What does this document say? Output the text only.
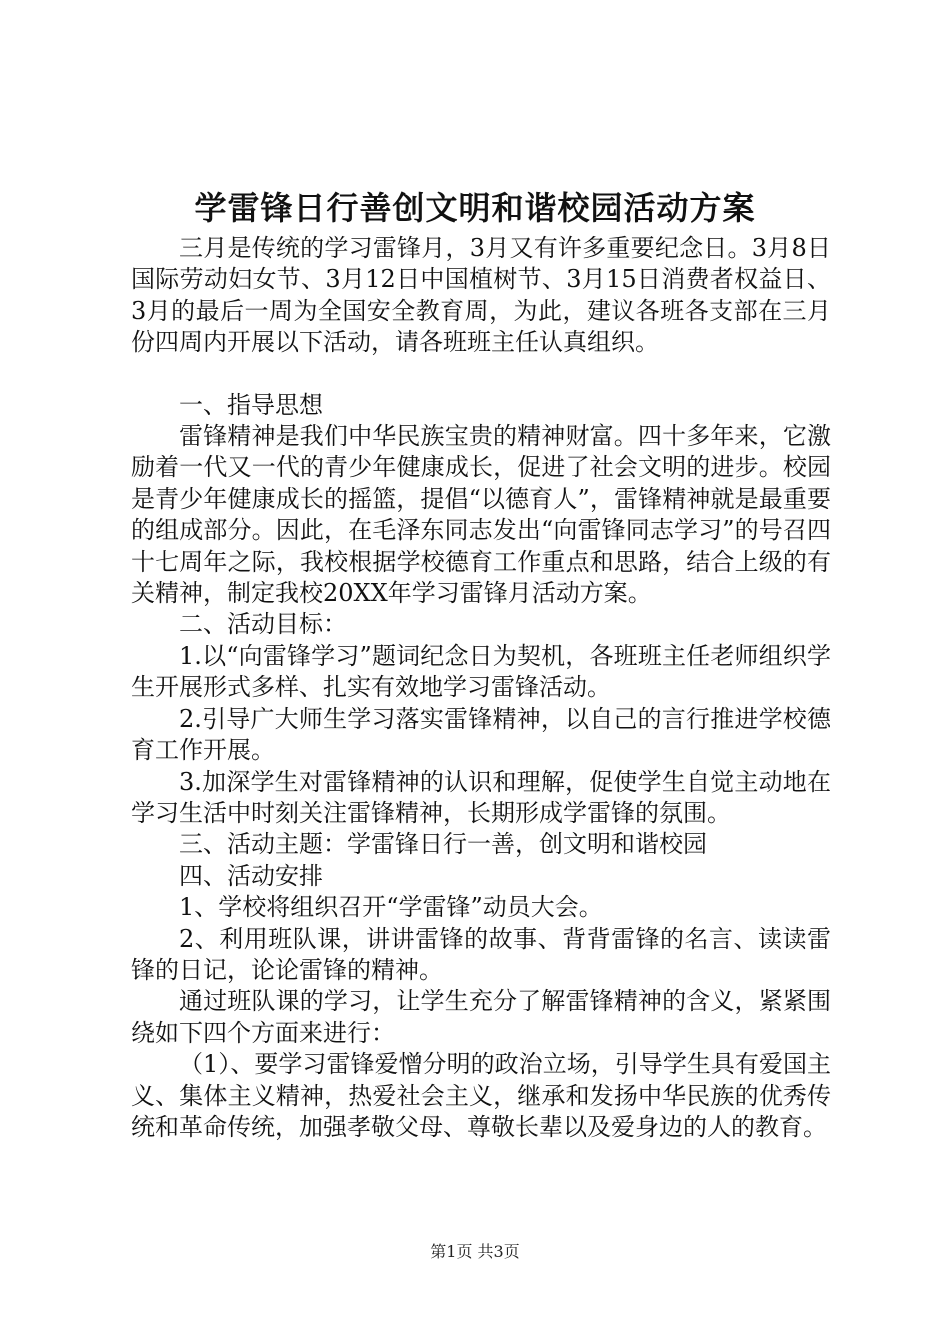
学雷锋日行善创文明和谐校园活动方案

三月是传统的学习雷锋月，3月又有许多重要纪念日。3月8日国际劳动妇女节、3月12日中国植树节、3月15日消费者权益日、3月的最后一周为全国安全教育周，为此，建议各班各支部在三月份四周内开展以下活动，请各班班主任认真组织。

一、指导思想

雷锋精神是我们中华民族宝贵的精神财富。四十多年来，它激励着一代又一代的青少年健康成长，促进了社会文明的进步。校园是青少年健康成长的摇篮，提倡“以德育人”，雷锋精神就是最重要的组成部分。因此，在毛泽东同志发出“向雷锋同志学习”的号召四十七周年之际，我校根据学校德育工作重点和思路，结合上级的有关精神，制定我校20XX年学习雷锋月活动方案。

二、活动目标：

1.以“向雷锋学习”题词纪念日为契机，各班班主任老师组织学生开展形式多样、扎实有效地学习雷锋活动。

2.引导广大师生学习落实雷锋精神，以自己的言行推进学校德育工作开展。

3.加深学生对雷锋精神的认识和理解，促使学生自觉主动地在学习生活中时刻关注雷锋精神，长期形成学雷锋的氛围。

三、活动主题：学雷锋日行一善，创文明和谐校园

四、活动安排

1、学校将组织召开“学雷锋”动员大会。

2、利用班队课，讲讲雷锋的故事、背背雷锋的名言、读读雷锋的日记，论论雷锋的精神。

通过班队课的学习，让学生充分了解雷锋精神的含义，紧紧围绕如下四个方面来进行：

（1）、要学习雷锋爱憎分明的政治立场，引导学生具有爱国主义、集体主义精神，热爱社会主义，继承和发扬中华民族的优秀传统和革命传统，加强孝敬父母、尊敬长辈以及爱身边的人的教育。

第1页 共3页
